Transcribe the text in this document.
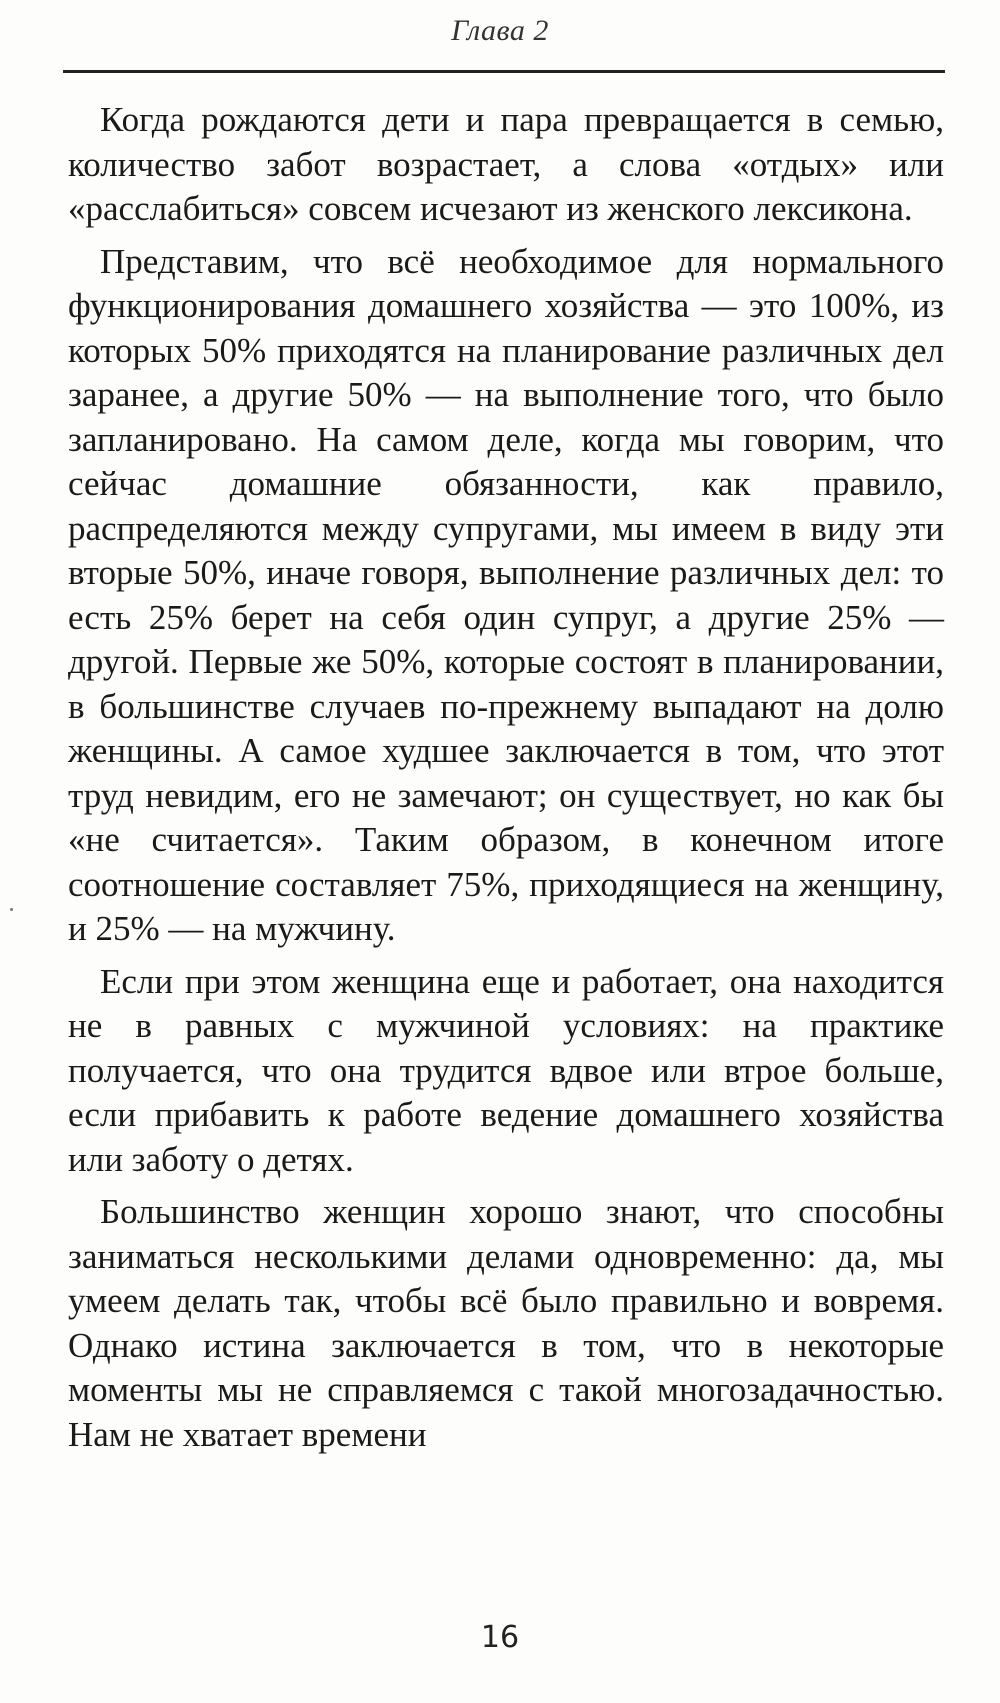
Глава 2

Когда рождаются дети и пара превращается в семью, количество забот возрастает, а слова «отдых» или «расслабиться» совсем исчезают из женского лексикона.

Представим, что всё необходимое для нормального функционирования домашнего хозяйства — это 100%, из которых 50% приходятся на планирование различных дел заранее, а другие 50% — на выполнение того, что было запланировано. На самом деле, когда мы говорим, что сейчас домашние обязанности, как правило, распределяются между супругами, мы имеем в виду эти вторые 50%, иначе говоря, выполнение различных дел: то есть 25% берет на себя один супруг, а другие 25% — другой. Первые же 50%, которые состоят в планировании, в большинстве случаев по-прежнему выпадают на долю женщины. А самое худшее заключается в том, что этот труд невидим, его не замечают; он существует, но как бы «не считается». Таким образом, в конечном итоге соотношение составляет 75%, приходящиеся на женщину, и 25% — на мужчину.

Если при этом женщина еще и работает, она находится не в равных с мужчиной условиях: на практике получается, что она трудится вдвое или втрое больше, если прибавить к работе ведение домашнего хозяйства или заботу о детях.

Большинство женщин хорошо знают, что способны заниматься несколькими делами одновременно: да, мы умеем делать так, чтобы всё было правильно и вовремя. Однако истина заключается в том, что в некоторые моменты мы не справляемся с такой многозадачностью. Нам не хватает времени

16
